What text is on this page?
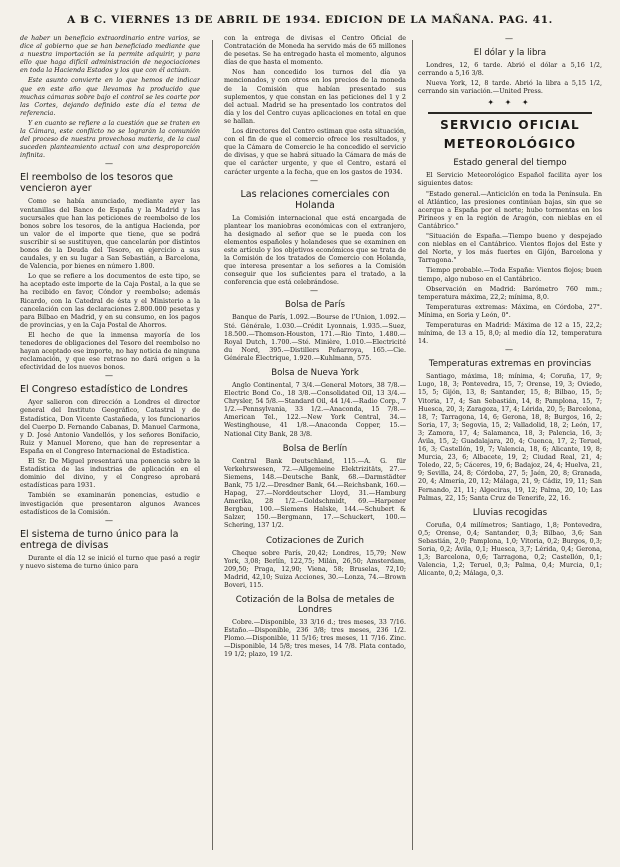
A B C. VIERNES 13 DE ABRIL DE 1934. EDICION DE LA MAÑANA. PAG. 41.

de haber un beneficio extraordinario entre varios, se dice al gobierno que se han beneficiado mediante que a nuestra importación se la permite adquirir, y para ello que haga difícil administración de negociaciones en toda la Hacienda Estados y los que con él actúan.

Este asunto convierte en lo que hemos de indicar que en este año que llevamos ha producido que muchas cámaras sobre bajo el control se les coarte por las Cortes, dejando definido este día el tema de referencia.

Y en cuanto se refiere a la cuestión que se traten en la Cámara, este conflicto no se lograrán la comunión del proceso de nuestra provechosa materia, de la cual suceden planteamiento actual con una desproporción infinita.

—
El reembolso de los tesoros que vencieron ayer

Como se había anunciado, mediante ayer las ventanillas del Banco de España y la Madrid y las sucursales que han las peticiones de reembolso de los bonos sobre los tesoros, de la antigua Hacienda, por un valor de el importe que tiene, que se podrá suscribir si se sustituyen, que cancelarán por distintos bonos de la Deuda del Tesoro, en ejercicio a sus caudales, y en su lugar a San Sebastián, a Barcelona, de Valencia, por bienes en número 1.800.

Lo que se refiere a los documentos de este tipo, se ha aceptado este importe de la Caja Postal, a la que se ha recibido en favor, Cóndor y reembolso; además Ricardo, con la Catedral de ésta y el Ministerio a la cancelación con las declaraciones 2.800.000 pesetas y para Bilbao en Madrid, y en su consumo, en los pagos de provincias, y en la Caja Postal de Ahorros.

El hecho de que la inmensa mayoría de los tenedores de obligaciones del Tesoro del reembolso no hayan aceptado ese importe, no hay noticia de ninguna reclamación, y que ese retraso no dará origen a la efectividad de los nuevos bonos.

—
El Congreso estadístico de Londres

Ayer salieron con dirección a Londres el director general del Instituto Geográfico, Catastral y de Estadística, Don Vicente Castañeda, y los funcionarios del Cuerpo D. Fernando Cabanas, D. Manuel Carmona, y D. José Antonio Vandellós, y los señores Bonifacio, Ruiz y Manuel Moreno, que han de representar a España en el Congreso Internacional de Estadística.

El Sr. De Miguel presentará una ponencia sobre la Estadística de las industrias de aplicación en el dominio del divino, y el Congreso aprobará estadísticas para 1931.

También se examinarán ponencias, estudio e investigación que presentaron algunos Avances estadísticos de la Comisión.

—
El sistema de turno único para la entrega de divisas

Durante el día 12 se inició el turno que pasó a regir y nuevo sistema de turno único para

con la entrega de divisas el Centro Oficial de Contratación de Moneda ha servido más de 65 millones de pesetas. Se ha entregado hasta el momento, algunos días de que hasta el momento.

Nos han concedido los turnos del día ya mencionados, y con otros en los precios de la moneda de la Comisión que habían presentado sus suplementos, y que constan en las peticiones del 1 y 2 del actual. Madrid se ha presentado los contratos del día y los del Centro cuyas aplicaciones en total en que se hallan.

Los directores del Centro estiman que esta situación, con el fin de que el comercio ofrece los resultados, y que la Cámara de Comercio le ha concedido el servicio de divisas, y que se habrá situado la Cámara de más de que el carácter urgente, y que el Centro, estará el carácter urgente a la fecha, que en los gastos de 1934.

—
Las relaciones comerciales con Holanda

La Comisión internacional que está encargada de plantear los maniobras económicas con el extranjero, ha designado al señor que se le pueda con los elementos españoles y holandeses que se examinen en este artículo y los objetivos económicos que se trata de la Comisión de los tratados de Comercio con Holanda, que interesa presentar a los señores a la Comisión conseguir que los suficientes para el tratado, a la conferencia que está celebrándose.

—
Bolsa de París

Banque de París, 1.092.—Bourse de l'Union, 1.092.—Sté. Générale, 1.030.—Crédit Lyonnais, 1.935.—Suez, 18.500.—Thomson-Houston, 171.—Rio Tinto, 1.480.—Royal Dutch, 1.700.—Sté. Minière, 1.010.—Electricité du Nord, 395.—Distillers Peñarroya, 165.—Cie. Générale Électrique, 1.920.—Kuhlmann, 575.

Bolsa de Nueva York

Anglo Continental, 7 3/4.—General Motors, 38 7/8.—Electric Bond Co., 18 3/8.—Consolidated Oil, 13 3/4.—Chrysler, 54 5/8.—Standard Oil, 44 1/4.—Radio Corp., 7 1/2.—Pennsylvania, 33 1/2.—Anaconda, 15 7/8.—American Tel., 122.—New York Central, 34.—Westinghouse, 41 1/8.—Anaconda Copper, 15.—National City Bank, 28 3/8.

Bolsa de Berlín

Central Bank Deutschland, 115.—A. G. für Verkehrswesen, 72.—Allgemeine Elektrizitäts, 27.—Siemens, 148.—Deutsche Bank, 68.—Darmstädter Bank, 75 1/2.—Dresdner Bank, 64.—Reichsbank, 160.—Hapag, 27.—Norddeutscher Lloyd, 31.—Hamburg Amerika, 28 1/2.—Goldschmidt, 69.—Harpener Bergbau, 100.—Siemens Halske, 144.—Schubert & Salzer, 150.—Bergmann, 17.—Schuckert, 100.—Schering, 137 1/2.

Cotizaciones de Zurich

Cheque sobre París, 20,42; Londres, 15,79; New York, 3,08; Berlín, 122,75; Milán, 26,50; Amsterdam, 209,50; Praga, 12,90; Viena, 58; Bruselas, 72,10; Madrid, 42,10; Suiza Acciones, 30.—Lonza, 74.—Brown Boveri, 115.

Cotización de la Bolsa de metales de Londres

Cobre.—Disponible, 33 3/16 d.; tres meses, 33 7/16. Estaño.—Disponible, 236 3/8; tres meses, 236 1/2. Plomo.—Disponible, 11 5/16; tres meses, 11 7/16. Zinc.—Disponible, 14 5/8; tres meses, 14 7/8. Plata contado, 19 1/2; plazo, 19 1/2.

—
El dólar y la libra

Londres, 12, 6 tarde. Abrió el dólar a 5,16 1/2, cerrando a 5,16 3/8.

Nueva York, 12, 8 tarde. Abrió la libra a 5,15 1/2, cerrando sin variación.—United Press.

✦ ✦ ✦
SERVICIO OFICIAL
METEOROLÓGICO
Estado general del tiempo

El Servicio Meteorológico Español facilita ayer los siguientes datos:

"Estado general.—Anticiclón en toda la Península. En el Atlántico, las presiones continúan bajas, sin que se acerque a España por el norte; hubo tormentas en los Pirineos y en la región de Aragón, con nieblas en el Cantábrico."

"Situación de España.—Tiempo bueno y despejado con nieblas en el Cantábrico. Vientos flojos del Este y del Norte, y los más fuertes en Gijón, Barcelona y Tarragona."

Tiempo probable.—Toda España: Vientos flojos; buen tiempo, algo nuboso en el Cantábrico.

Observación en Madrid: Barómetro 760 mm.; temperatura máxima, 22,2; mínima, 8,0.

Temperaturas extremas: Máxima, en Córdoba, 27°. Mínima, en Soria y León, 0°.

Temperaturas en Madrid: Máxima de 12 a 15, 22,2; mínima, de 13 a 15, 8,0; al medio día 12, temperatura 14.

—
Temperaturas extremas en provincias

Santiago, máxima, 18; mínima, 4; Coruña, 17, 9; Lugo, 18, 3; Pontevedra, 15, 7; Orense, 19, 3; Oviedo, 15, 5; Gijón, 13, 8; Santander, 15, 8; Bilbao, 15, 5; Vitoria, 17, 4; San Sebastián, 14, 8; Pamplona, 15, 7; Huesca, 20, 3; Zaragoza, 17, 4; Lérida, 20, 5; Barcelona, 18, 7; Tarragona, 14, 6; Gerona, 18, 8; Burgos, 16, 2; Soria, 17, 3; Segovia, 15, 2; Valladolid, 18, 2; León, 17, 3; Zamora, 17, 4; Salamanca, 18, 3; Palencia, 16, 3; Ávila, 15, 2; Guadalajara, 20, 4; Cuenca, 17, 2; Teruel, 16, 3; Castellón, 19, 7; Valencia, 18, 6; Alicante, 19, 8; Murcia, 23, 6; Albacete, 19, 2; Ciudad Real, 21, 4; Toledo, 22, 5; Cáceres, 19, 6; Badajoz, 24, 4; Huelva, 21, 9; Sevilla, 24, 8; Córdoba, 27, 5; Jaén, 20, 8; Granada, 20, 4; Almería, 20, 12; Málaga, 21, 9; Cádiz, 19, 11; San Fernando, 21, 11; Algeciras, 19, 12; Palma, 20, 10; Las Palmas, 22, 15; Santa Cruz de Tenerife, 22, 16.

Lluvias recogidas

Coruña, 0,4 milímetros; Santiago, 1,8; Pontevedra, 0,5; Orense, 0,4; Santander, 0,3; Bilbao, 3,6; San Sebastián, 2,0; Pamplona, 1,0; Vitoria, 0,2; Burgos, 0,3; Soria, 0,2; Ávila, 0,1; Huesca, 3,7; Lérida, 0,4; Gerona, 1,3; Barcelona, 0,6; Tarragona, 0,2; Castellón, 0,1; Valencia, 1,2; Teruel, 0,3; Palma, 0,4; Murcia, 0,1; Alicante, 0,2; Málaga, 0,3.
